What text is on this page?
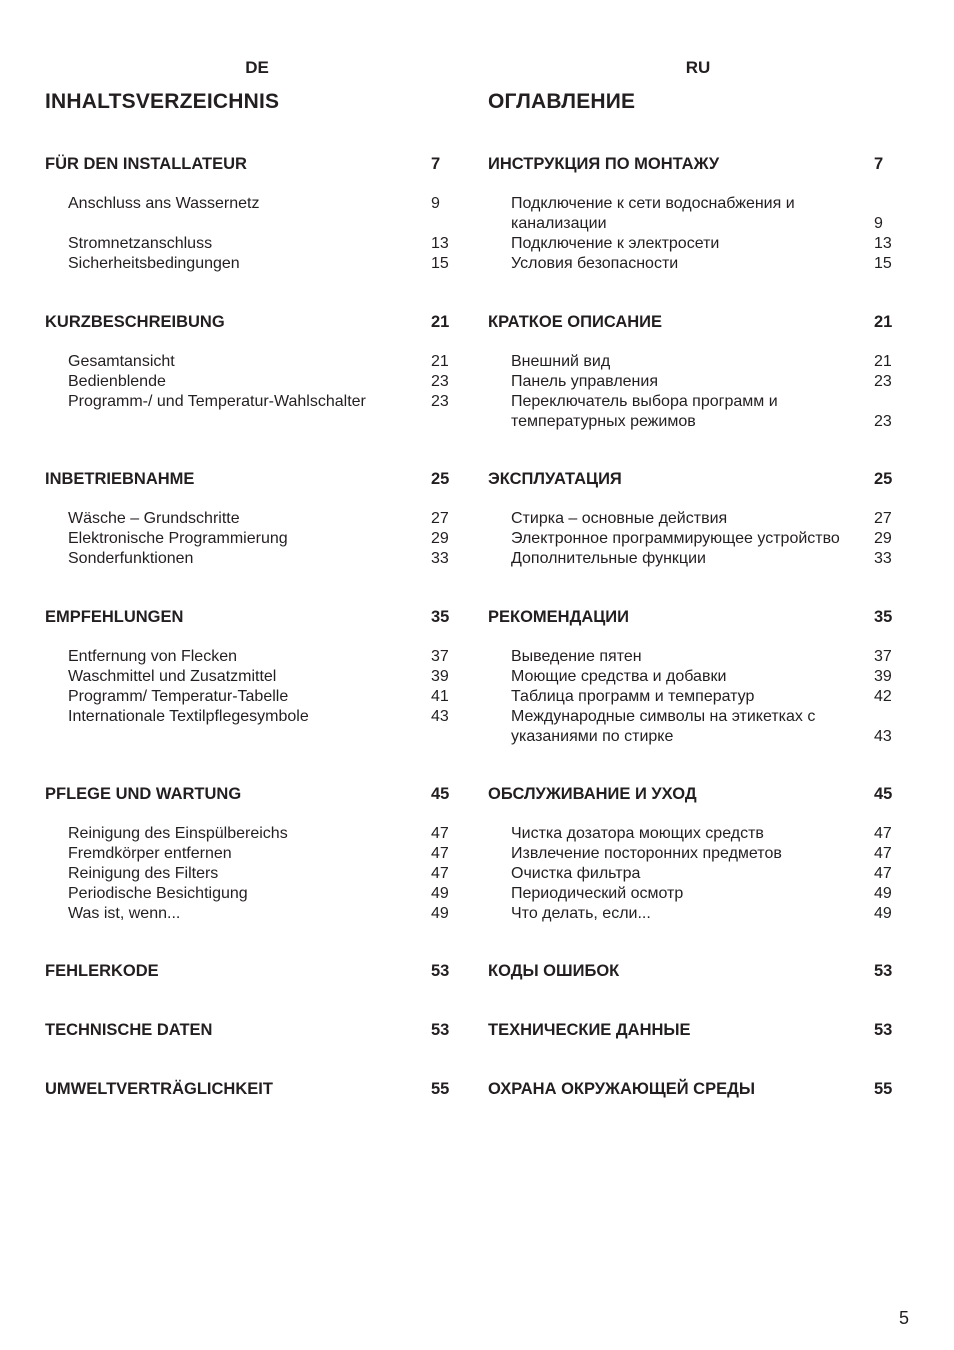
DE
INHALTSVERZEICHNIS
FÜR DEN INSTALLATEUR	7
Anschluss ans Wassernetz	9
Stromnetzanschluss	13
Sicherheitsbedingungen	15
KURZBESCHREIBUNG	21
Gesamtansicht	21
Bedienblende	23
Programm-/ und Temperatur-Wahlschalter	23
INBETRIEBNAHME	25
Wäsche – Grundschritte	27
Elektronische Programmierung	29
Sonderfunktionen	33
EMPFEHLUNGEN	35
Entfernung von Flecken	37
Waschmittel und Zusatzmittel	39
Programm/ Temperatur-Tabelle	41
Internationale Textilpflegesymbole	43
PFLEGE UND WARTUNG	45
Reinigung des Einspülbereichs	47
Fremdkörper entfernen	47
Reinigung des Filters	47
Periodische Besichtigung	49
Was ist, wenn...	49
FEHLERKODE	53
TECHNISCHE DATEN	53
UMWELTVERTRÄGLICHKEIT	55
RU
ОГЛАВЛЕНИЕ
ИНСТРУКЦИЯ ПО МОНТАЖУ	7
Подключение к сети водоснабжения и
канализации	9
Подключение к электросети	13
Условия безопасности	15
КРАТКОЕ ОПИСАНИЕ	21
Внешний вид	21
Панель управления	23
Переключатель выбора программ и
температурных режимов	23
ЭКСПЛУАТАЦИЯ	25
Стирка – основные действия	27
Электронное программирующее устройство 29
Дополнительные функции	33
РЕКОМЕНДАЦИИ	35
Выведение пятен	37
Моющие средства и добавки	39
Таблица программ и температур	42
Международные символы на этикетках с
указаниями по стирке	43
ОБСЛУЖИВАНИЕ И УХОД	45
Чистка дозатора моющих средств	47
Извлечение посторонних предметов	47
Очистка фильтра	47
Периодический осмотр	49
Что делать, если...	49
КОДЫ ОШИБОК	53
ТЕХНИЧЕСКИЕ ДАННЫЕ	53
ОХРАНА ОКРУЖАЮЩЕЙ СРЕДЫ	55
5
